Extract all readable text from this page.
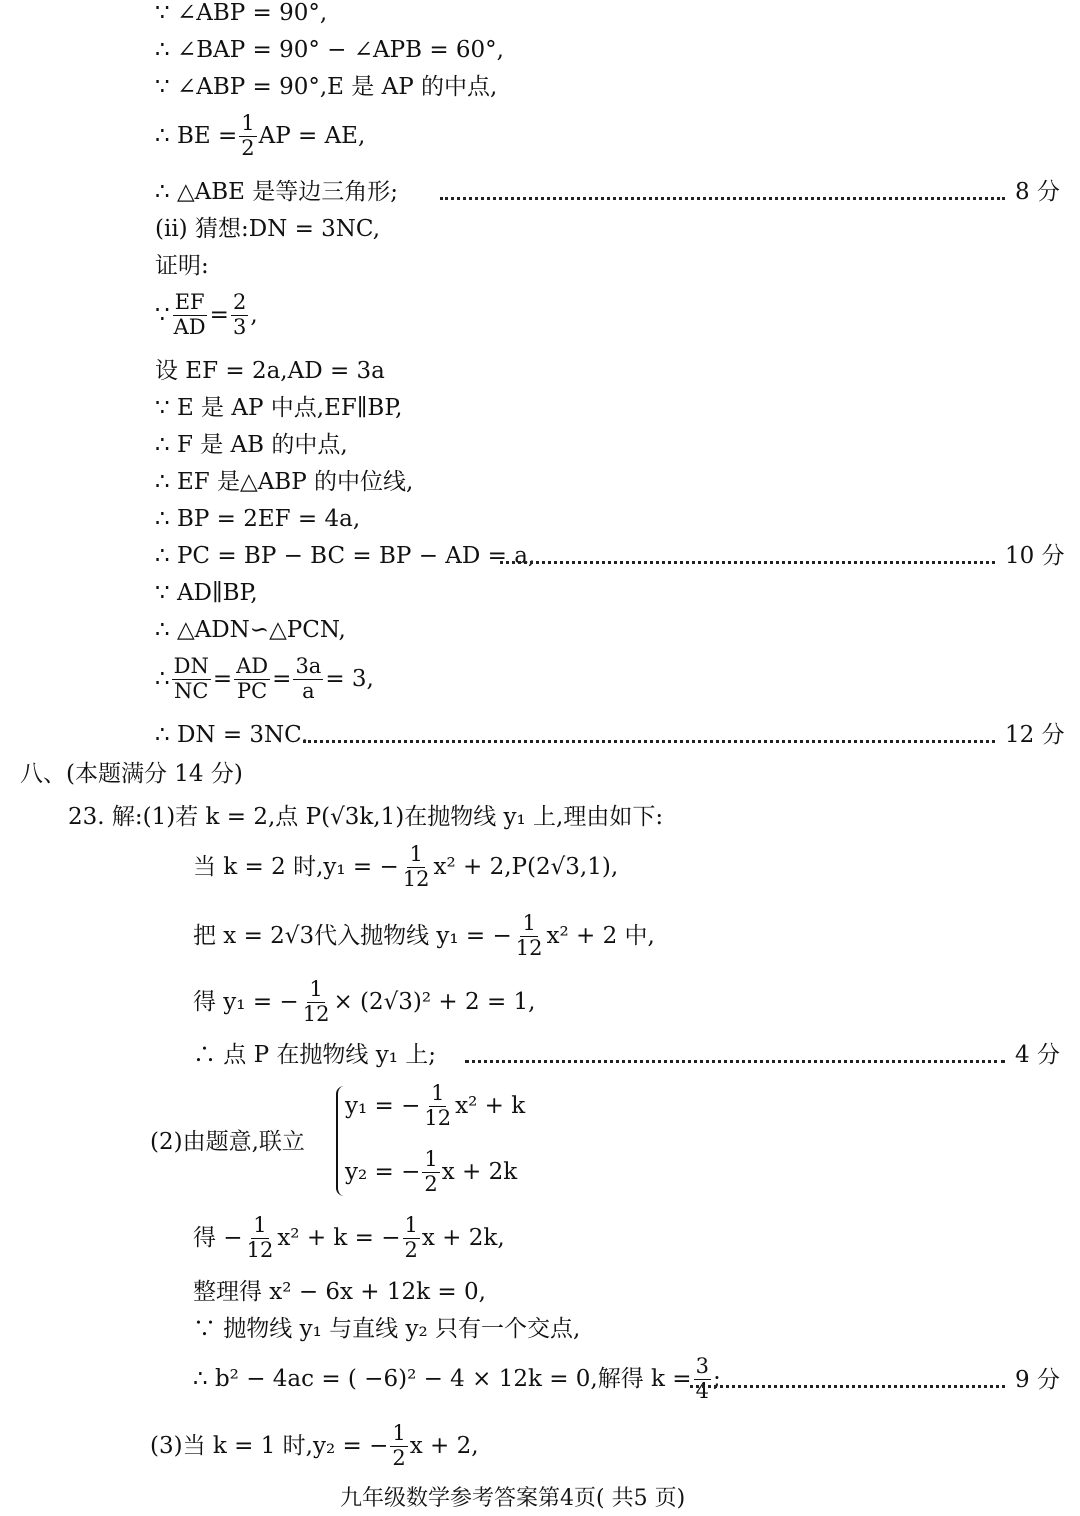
∵ ∠ABP = 90°,
∴ ∠BAP = 90° − ∠APB = 60°,
∵ ∠ABP = 90°,E 是 AP 的中点,
∴ BE = $\frac{1}{2}$ AP = AE,
∴ △ABE 是等边三角形;	8 分
(ⅱ) 猜想:DN = 3NC,
证明:
∵ $\frac{EF}{AD} = \frac{2}{3}$ ,
设 EF = 2a,AD = 3a
∵ E 是 AP 中点,EF∥BP,
∴ F 是 AB 的中点,
∴ EF 是△ABP 的中位线,
∴ BP = 2EF = 4a,
∴ PC = BP − BC = BP − AD = a,	10 分
∵ AD∥BP,
∴ △ADN∽△PCN,
∴ $\frac{DN}{NC} = \frac{AD}{PC} = \frac{3a}{a} = 3$,
∴ DN = 3NC.	12 分
八、(本题满分 14 分)
23. 解:(1)若 k = 2,点 P(√3k,1)在抛物线 y₁ 上,理由如下:
当 k = 2 时,y₁ = − $\frac{1}{12} x^2 + 2,P(2√3,1)$,
把 x = 2√3代入抛物线 y₁ = − $\frac{1}{12} x^2 + 2$ 中,
得 y₁ = − $\frac{1}{12} \times (2√3)^2 + 2 = 1$,
∴ 点 P 在抛物线 y₁ 上;	4 分
(2)由题意,联立
y₁ = − $\frac{1}{12} x^2 + k$
y₂ = − $\frac{1}{2}$ x + 2k
得 − $\frac{1}{12} x^2 + k$ = − $\frac{1}{2}$ x + 2k,
整理得 x² − 6x + 12k = 0,
∵ 抛物线 y₁ 与直线 y₂ 只有一个交点,
∴ b² − 4ac = ( −6)² − 4 × 12k = 0,解得 $k = \frac{3}{4}$ ;	9 分
(3)当 k = 1 时,y₂ = − $\frac{1}{2}$ x + 2,
九年级数学参考答案第4页( 共5 页)
